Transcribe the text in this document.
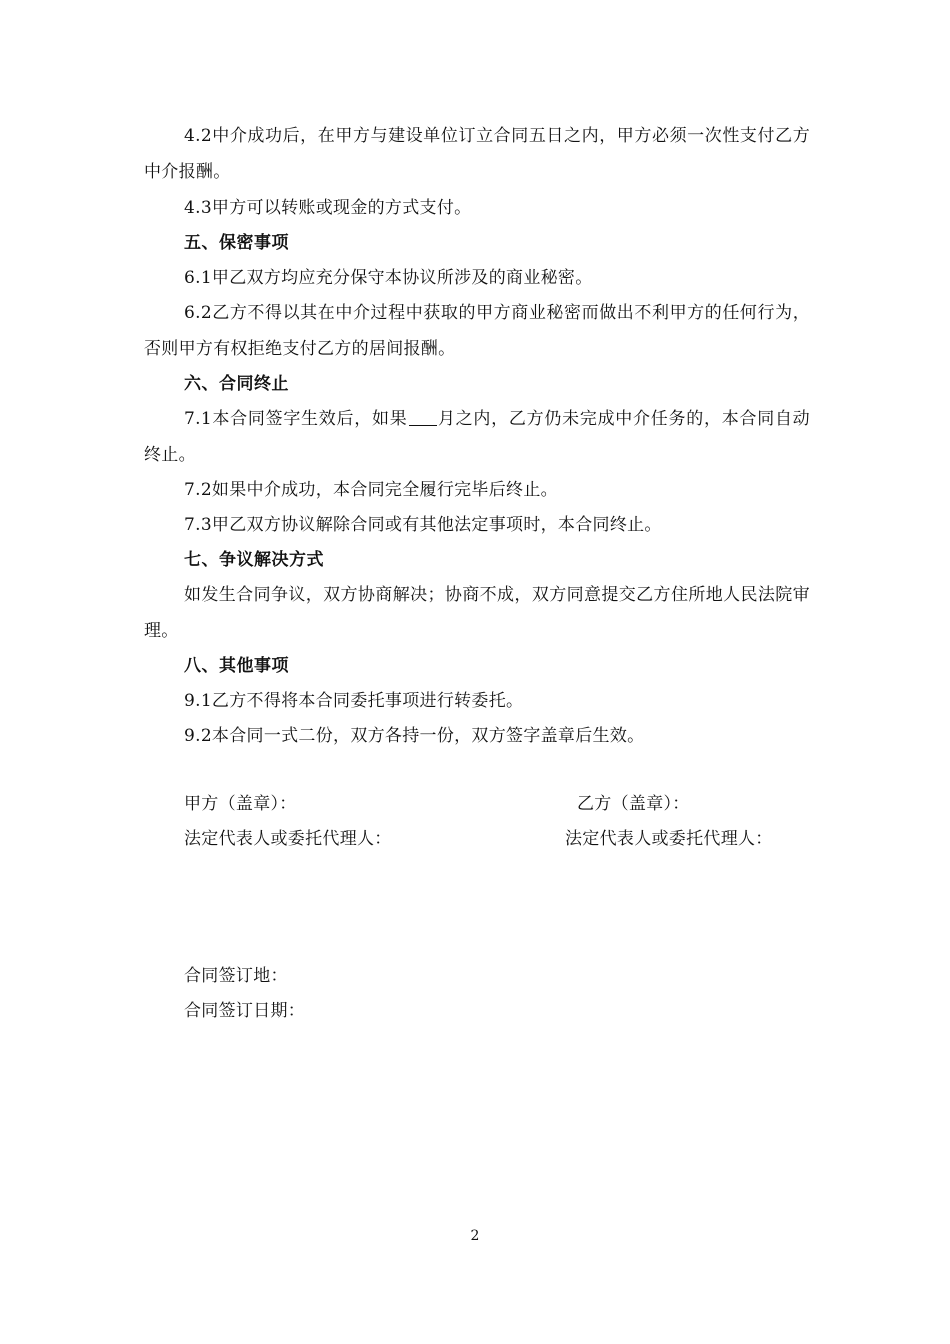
4.2中介成功后，在甲方与建设单位订立合同五日之内，甲方必须一次性支付乙方中介报酬。

4.3甲方可以转账或现金的方式支付。

五、保密事项

6.1甲乙双方均应充分保守本协议所涉及的商业秘密。

6.2乙方不得以其在中介过程中获取的甲方商业秘密而做出不利甲方的任何行为，否则甲方有权拒绝支付乙方的居间报酬。

六、合同终止

7.1本合同签字生效后，如果 月之内，乙方仍未完成中介任务的，本合同自动终止。

7.2如果中介成功，本合同完全履行完毕后终止。

7.3甲乙双方协议解除合同或有其他法定事项时，本合同终止。

七、争议解决方式

如发生合同争议，双方协商解决；协商不成，双方同意提交乙方住所地人民法院审理。

八、其他事项

9.1乙方不得将本合同委托事项进行转委托。

9.2本合同一式二份，双方各持一份，双方签字盖章后生效。

甲方（盖章）：	乙方（盖章）：

法定代表人或委托代理人：	法定代表人或委托代理人：

合同签订地：

合同签订日期：

2
